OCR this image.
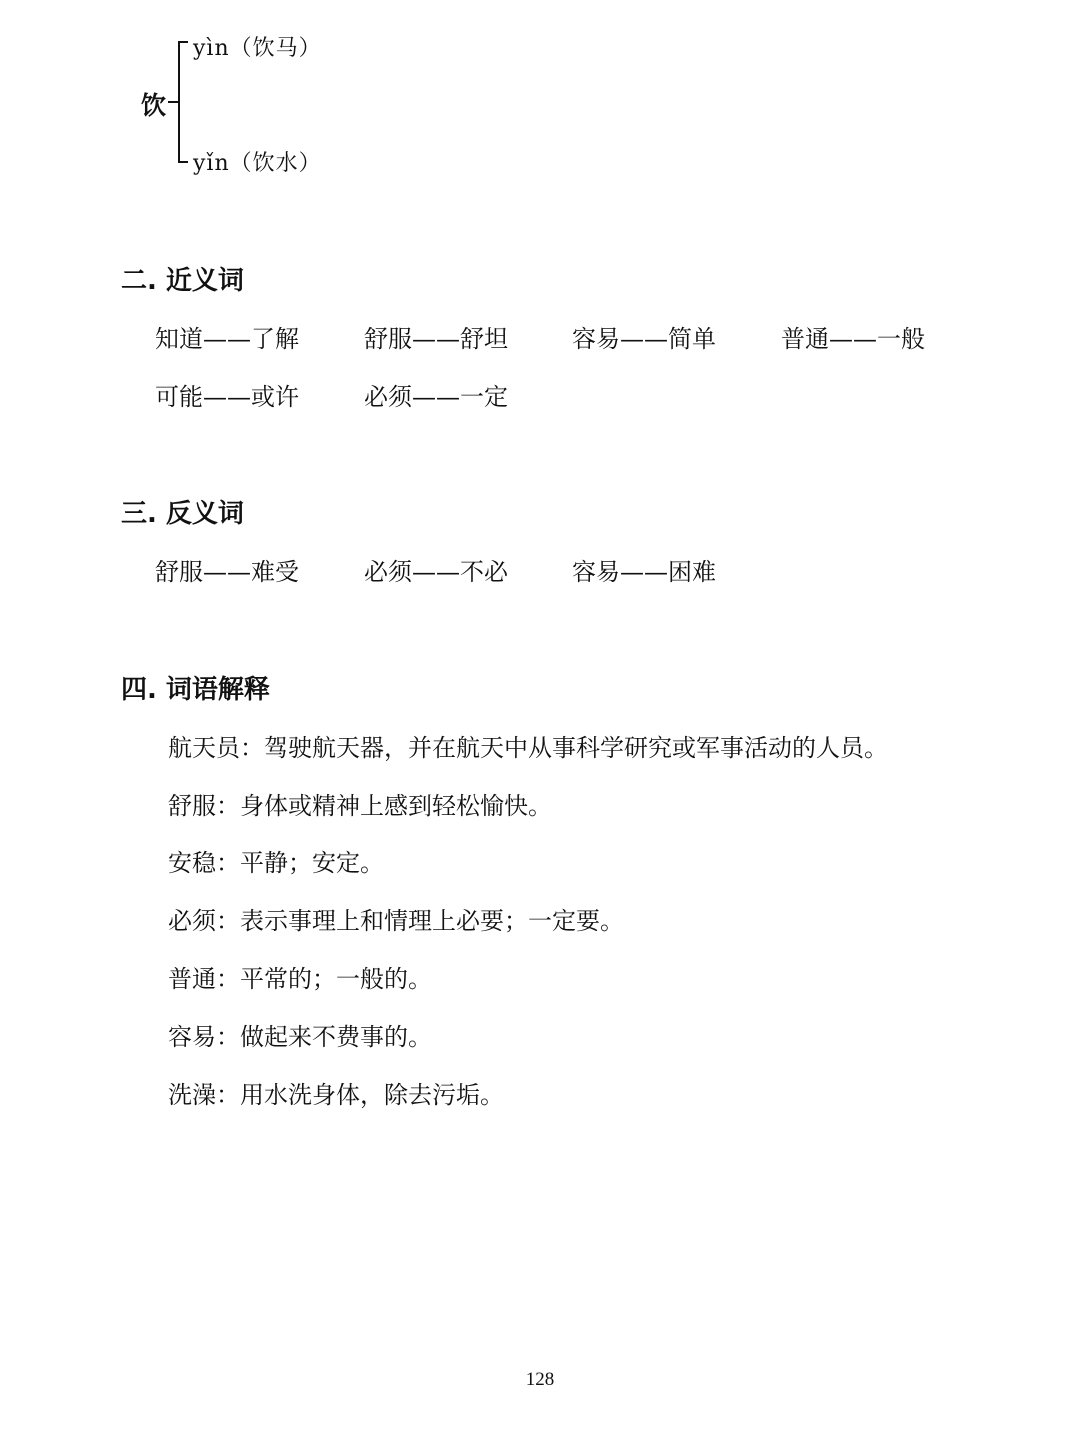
饮
yìn（饮马）
yǐn（饮水）
二. 近义词
知道——了解	舒服——舒坦	容易——简单	普通——一般
可能——或许	必须——一定
三. 反义词
舒服——难受	必须——不必	容易——困难
四. 词语解释
航天员：驾驶航天器，并在航天中从事科学研究或军事活动的人员。
舒服：身体或精神上感到轻松愉快。
安稳：平静；安定。
必须：表示事理上和情理上必要；一定要。
普通：平常的；一般的。
容易：做起来不费事的。
洗澡：用水洗身体，除去污垢。
128
